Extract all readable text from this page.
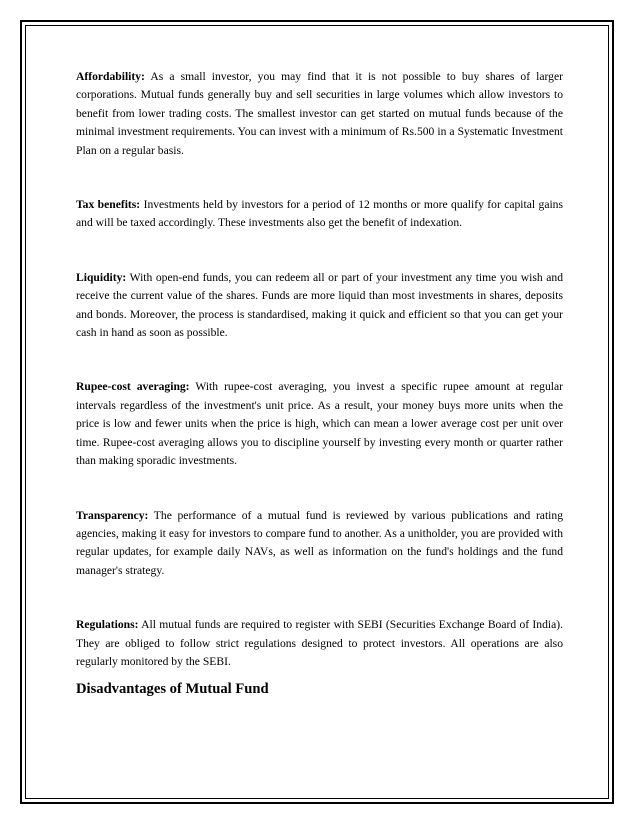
Affordability: As a small investor, you may find that it is not possible to buy shares of larger corporations. Mutual funds generally buy and sell securities in large volumes which allow investors to benefit from lower trading costs. The smallest investor can get started on mutual funds because of the minimal investment requirements. You can invest with a minimum of Rs.500 in a Systematic Investment Plan on a regular basis.

Tax benefits: Investments held by investors for a period of 12 months or more qualify for capital gains and will be taxed accordingly. These investments also get the benefit of indexation.

Liquidity: With open-end funds, you can redeem all or part of your investment any time you wish and receive the current value of the shares. Funds are more liquid than most investments in shares, deposits and bonds. Moreover, the process is standardised, making it quick and efficient so that you can get your cash in hand as soon as possible.

Rupee-cost averaging: With rupee-cost averaging, you invest a specific rupee amount at regular intervals regardless of the investment's unit price. As a result, your money buys more units when the price is low and fewer units when the price is high, which can mean a lower average cost per unit over time. Rupee-cost averaging allows you to discipline yourself by investing every month or quarter rather than making sporadic investments.

Transparency: The performance of a mutual fund is reviewed by various publications and rating agencies, making it easy for investors to compare fund to another. As a unitholder, you are provided with regular updates, for example daily NAVs, as well as information on the fund's holdings and the fund manager's strategy.

Regulations: All mutual funds are required to register with SEBI (Securities Exchange Board of India). They are obliged to follow strict regulations designed to protect investors. All operations are also regularly monitored by the SEBI.

Disadvantages of Mutual Fund
